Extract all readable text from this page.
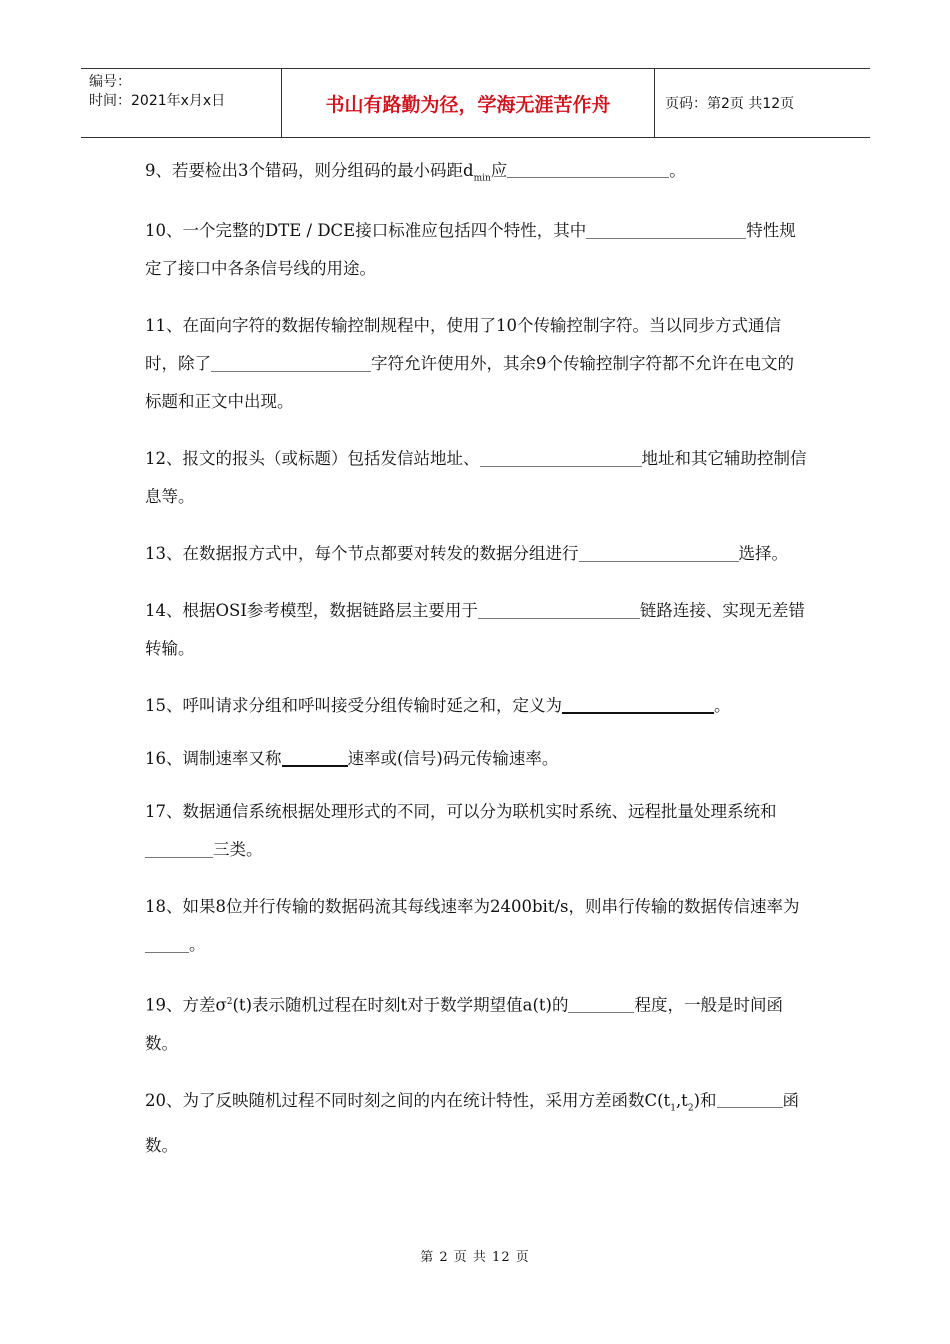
编号：
时间：2021年x月x日	书山有路勤为径，学海无涯苦作舟	页码：第2页 共12页
9、若要检出3个错码，则分组码的最小码距$d_{min}$应	。
10、一个完整的DTE / DCE接口标准应包括四个特性，其中	特性规定了接口中各条信号线的用途。
11、在面向字符的数据传输控制规程中，使用了10个传输控制字符。当以同步方式通信时，除了	字符允许使用外，其余9个传输控制字符都不允许在电文的标题和正文中出现。
12、报文的报头（或标题）包括发信站地址、	地址和其它辅助控制信息等。
13、在数据报方式中，每个节点都要对转发的数据分组进行	选择。
14、根据OSI参考模型，数据链路层主要用于	链路连接、实现无差错转输。
15、呼叫请求分组和呼叫接受分组传输时延之和，定义为	。
16、调制速率又称	速率或(信号)码元传输速率。
17、数据通信系统根据处理形式的不同，可以分为联机实时系统、远程批量处理系统和三类。
18、如果8位并行传输的数据码流其每线速率为2400bit/s，则串行传输的数据传信速率为。
19、方差$\sigma^2(t)$表示随机过程在时刻t对于数学期望值a(t)的	程度，一般是时间函数。
20、为了反映随机过程不同时刻之间的内在统计特性，采用方差函数$C(t_1,t_2)$和	函数。
第 2 页 共 12 页
